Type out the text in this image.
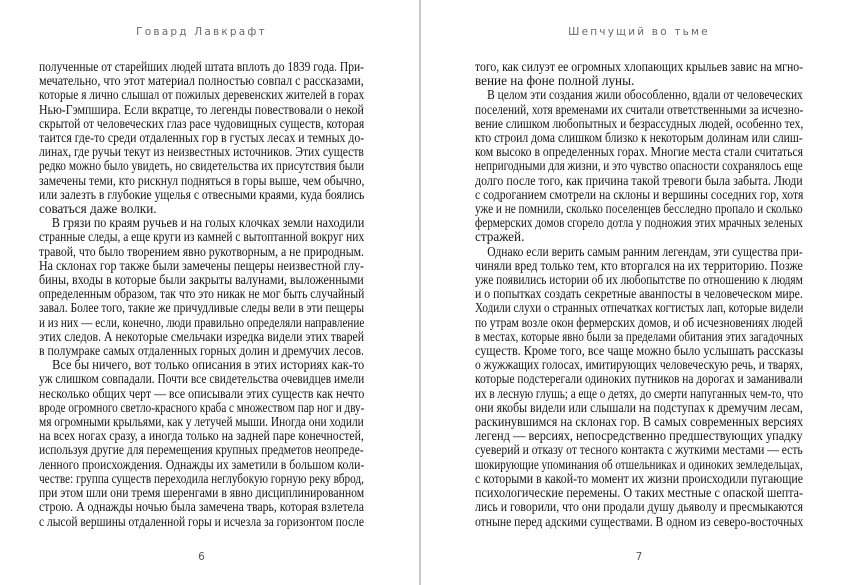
Говард Лавкрафт
полученные от старейших людей штата вплоть до 1839 года. При-
мечательно, что этот материал полностью совпал с рассказами,
которые я лично слышал от пожилых деревенских жителей в горах
Нью-Гэмпшира. Если вкратце, то легенды повествовали о некой
скрытой от человеческих глаз расе чудовищных существ, которая
таится где-то среди отдаленных гор в густых лесах и темных до-
линах, где ручьи текут из неизвестных источников. Этих существ
редко можно было увидеть, но свидетельства их присутствия были
замечены теми, кто рискнул подняться в горы выше, чем обычно,
или залезть в глубокие ущелья с отвесными краями, куда боялись
соваться даже волки.
В грязи по краям ручьев и на голых клочках земли находили
странные следы, а еще круги из камней с вытоптанной вокруг них
травой, что было творением явно рукотворным, а не природным.
На склонах гор также были замечены пещеры неизвестной глу-
бины, входы в которые были закрыты валунами, выложенными
определенным образом, так что это никак не мог быть случайный
завал. Более того, такие же причудливые следы вели в эти пещеры
и из них — если, конечно, люди правильно определяли направление
этих следов. А некоторые смельчаки изредка видели этих тварей
в полумраке самых отдаленных горных долин и дремучих лесов.
Все бы ничего, вот только описания в этих историях как-то
уж слишком совпадали. Почти все свидетельства очевидцев имели
несколько общих черт — все описывали этих существ как нечто
вроде огромного светло-красного краба с множеством пар ног и дву-
мя огромными крыльями, как у летучей мыши. Иногда они ходили
на всех ногах сразу, а иногда только на задней паре конечностей,
используя другие для перемещения крупных предметов неопреде-
ленного происхождения. Однажды их заметили в большом коли-
честве: группа существ переходила неглубокую горную реку вброд,
при этом шли они тремя шеренгами в явно дисциплинированном
строю. А однажды ночью была замечена тварь, которая взлетела
с лысой вершины отдаленной горы и исчезла за горизонтом после
6
Шепчущий во тьме
того, как силуэт ее огромных хлопающих крыльев завис на мгно-
вение на фоне полной луны.
В целом эти создания жили обособленно, вдали от человеческих
поселений, хотя временами их считали ответственными за исчезно-
вение слишком любопытных и безрассудных людей, особенно тех,
кто строил дома слишком близко к некоторым долинам или слиш-
ком высоко в определенных горах. Многие места стали считаться
непригодными для жизни, и это чувство опасности сохранялось еще
долго после того, как причина такой тревоги была забыта. Люди
с содроганием смотрели на склоны и вершины соседних гор, хотя
уже и не помнили, сколько поселенцев бесследно пропало и сколько
фермерских домов сгорело дотла у подножия этих мрачных зеленых
стражей.
Однако если верить самым ранним легендам, эти существа при-
чиняли вред только тем, кто вторгался на их территорию. Позже
уже появились истории об их любопытстве по отношению к людям
и о попытках создать секретные аванпосты в человеческом мире.
Ходили слухи о странных отпечатках когтистых лап, которые видели
по утрам возле окон фермерских домов, и об исчезновениях людей
в местах, которые явно были за пределами обитания этих загадочных
существ. Кроме того, все чаще можно было услышать рассказы
о жужжащих голосах, имитирующих человеческую речь, и тварях,
которые подстерегали одиноких путников на дорогах и заманивали
их в лесную глушь; а еще о детях, до смерти напуганных чем-то, что
они якобы видели или слышали на подступах к дремучим лесам,
раскинувшимся на склонах гор. В самых современных версиях
легенд — версиях, непосредственно предшествующих упадку
суеверий и отказу от тесного контакта с жуткими местами — есть
шокирующие упоминания об отшельниках и одиноких земледельцах,
с которыми в какой-то момент их жизни происходили пугающие
психологические перемены. О таких местные с опаской шепта-
лись и говорили, что они продали душу дьяволу и пресмыкаются
отныне перед адскими существами. В одном из северо-восточных
7
